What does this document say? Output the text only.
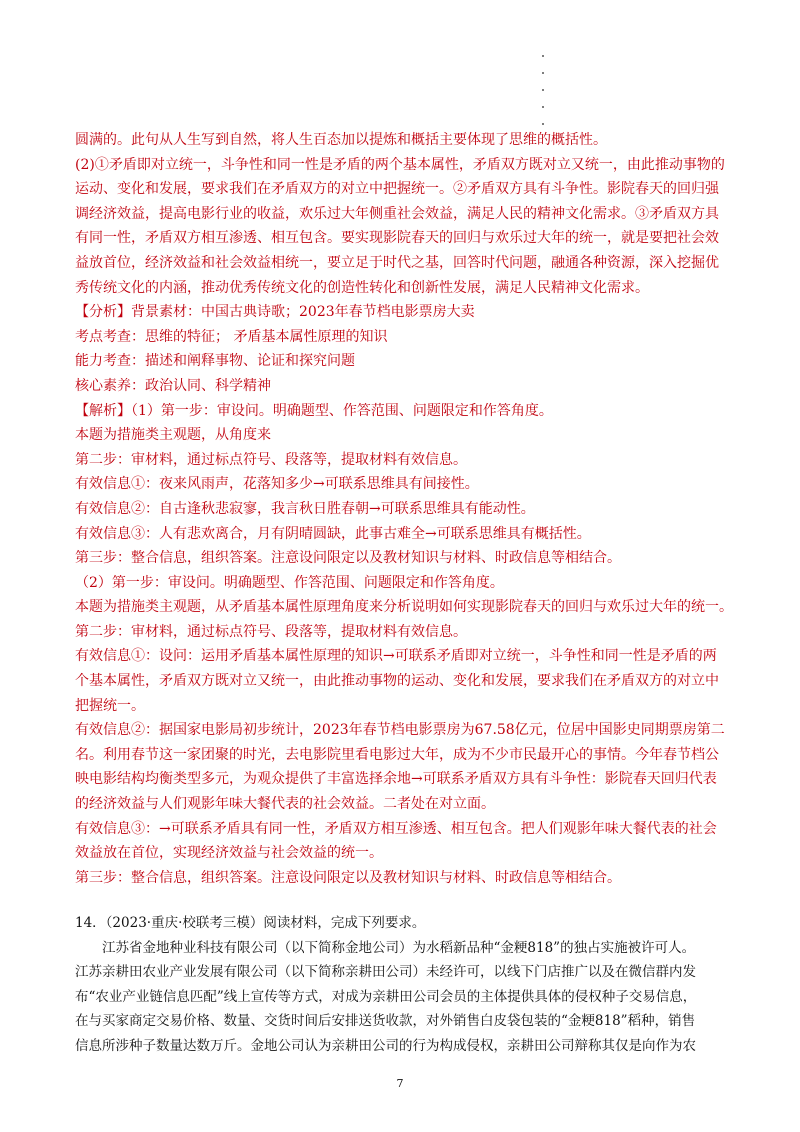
圆满的。此句从人生写到自然，将人生百态加以提炼和概括主要体现了思维的概括性。
(2)①矛盾即对立统一，斗争性和同一性是矛盾的两个基本属性，矛盾双方既对立又统一，由此推动事物的
运动、变化和发展，要求我们在矛盾双方的对立中把握统一。②矛盾双方具有斗争性。影院春天的回归强
调经济效益，提高电影行业的收益，欢乐过大年侧重社会效益，满足人民的精神文化需求。③矛盾双方具
有同一性，矛盾双方相互渗透、相互包含。要实现影院春天的回归与欢乐过大年的统一，就是要把社会效
益放首位，经济效益和社会效益相统一，要立足于时代之基，回答时代问题，融通各种资源，深入挖掘优
秀传统文化的内涵，推动优秀传统文化的创造性转化和创新性发展，满足人民精神文化需求。
【分析】背景素材：中国古典诗歌；2023年春节档电影票房大卖
考点考查：思维的特征； 矛盾基本属性原理的知识
能力考查：描述和阐释事物、论证和探究问题
核心素养：政治认同、科学精神
【解析】（1）第一步：审设问。明确题型、作答范围、问题限定和作答角度。
本题为措施类主观题，从角度来
第二步：审材料，通过标点符号、段落等，提取材料有效信息。
有效信息①：夜来风雨声，花落知多少→可联系思维具有间接性。
有效信息②：自古逢秋悲寂寥，我言秋日胜春朝→可联系思维具有能动性。
有效信息③：人有悲欢离合，月有阴晴圆缺，此事古难全→可联系思维具有概括性。
第三步：整合信息，组织答案。注意设问限定以及教材知识与材料、时政信息等相结合。
（2）第一步：审设问。明确题型、作答范围、问题限定和作答角度。
本题为措施类主观题，从矛盾基本属性原理角度来分析说明如何实现影院春天的回归与欢乐过大年的统一。
第二步：审材料，通过标点符号、段落等，提取材料有效信息。
有效信息①：设问：运用矛盾基本属性原理的知识→可联系矛盾即对立统一，斗争性和同一性是矛盾的两
个基本属性，矛盾双方既对立又统一，由此推动事物的运动、变化和发展，要求我们在矛盾双方的对立中
把握统一。
有效信息②：据国家电影局初步统计，2023年春节档电影票房为67.58亿元，位居中国影史同期票房第二
名。利用春节这一家团聚的时光，去电影院里看电影过大年，成为不少市民最开心的事情。今年春节档公
映电影结构均衡类型多元，为观众提供了丰富选择余地→可联系矛盾双方具有斗争性：影院春天回归代表
的经济效益与人们观影年味大餐代表的社会效益。二者处在对立面。
有效信息③：→可联系矛盾具有同一性，矛盾双方相互渗透、相互包含。把人们观影年味大餐代表的社会
效益放在首位，实现经济效益与社会效益的统一。
第三步：整合信息，组织答案。注意设问限定以及教材知识与材料、时政信息等相结合。
14．（2023·重庆·校联考三模）阅读材料，完成下列要求。
江苏省金地种业科技有限公司（以下简称金地公司）为水稻新品种“金粳818”的独占实施被许可人。
江苏亲耕田农业产业发展有限公司（以下简称亲耕田公司）未经许可，以线下门店推广以及在微信群内发
布“农业产业链信息匹配”线上宣传等方式，对成为亲耕田公司会员的主体提供具体的侵权种子交易信息，
在与买家商定交易价格、数量、交货时间后安排送货收款，对外销售白皮袋包装的“金粳818”稻种，销售
信息所涉种子数量达数万斤。金地公司认为亲耕田公司的行为构成侵权，亲耕田公司辩称其仅是向作为农
7
